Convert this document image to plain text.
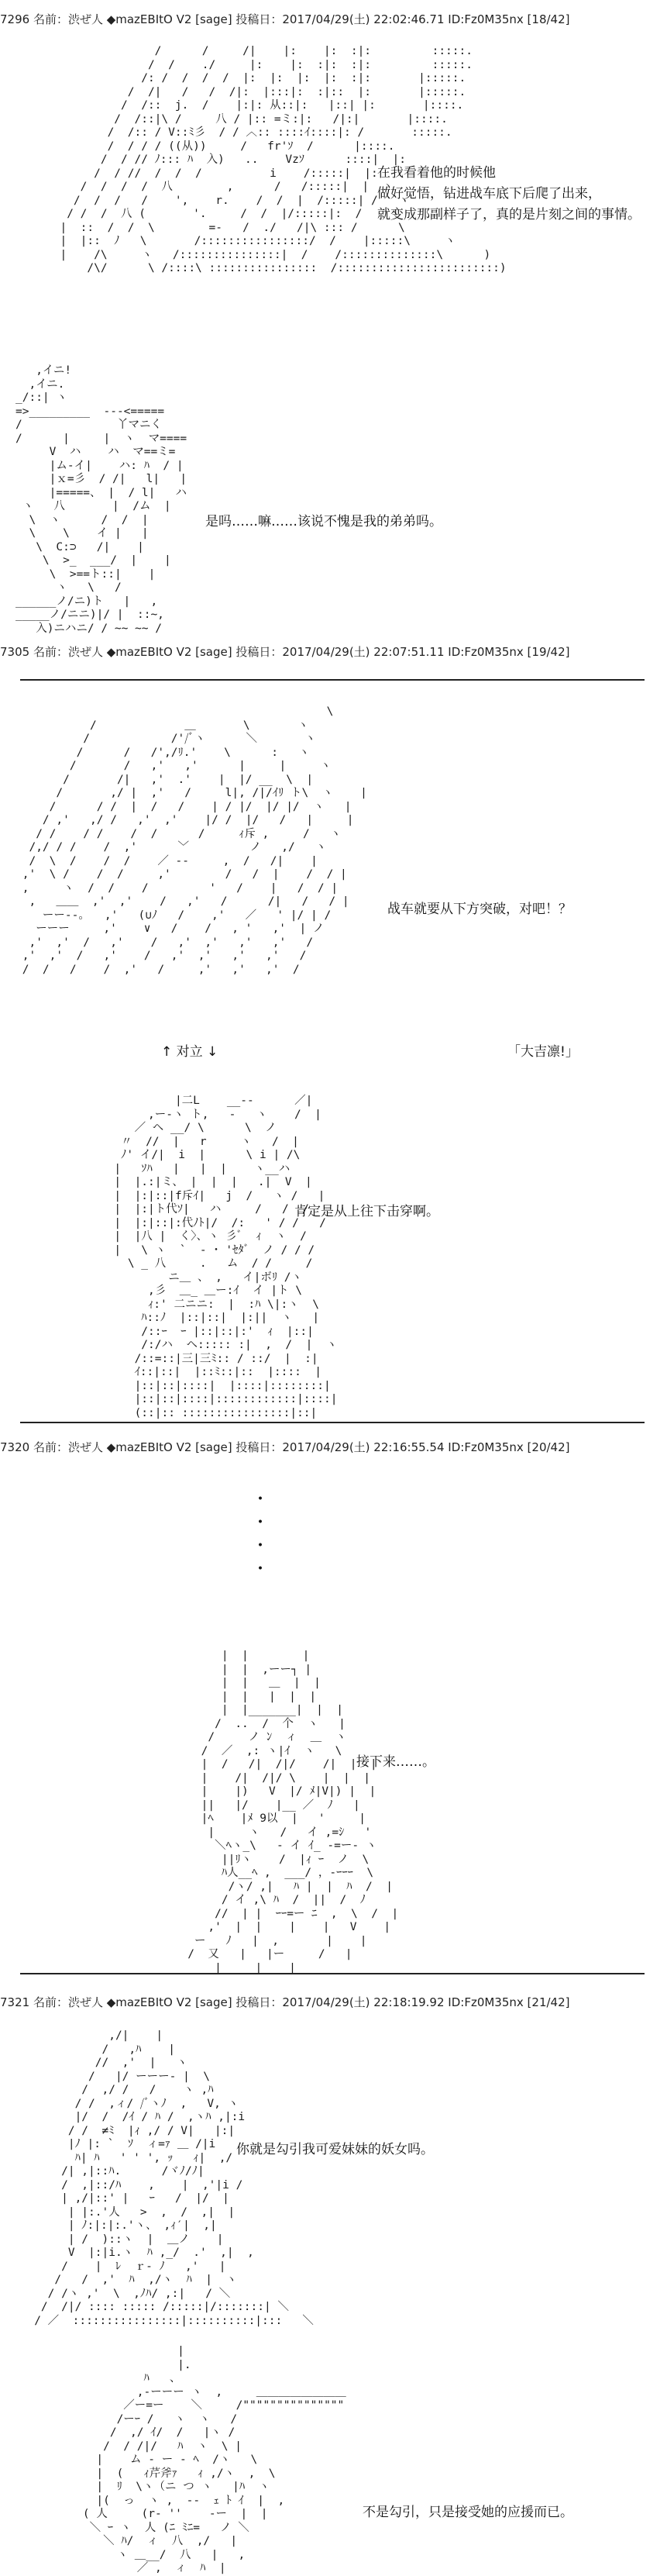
7296 名前：渋ぜ人 ◆mazEBItO V2 [sage] 投稿日：2017/04/29(土) 22:02:46.71 ID:Fz0M35nx [18/42]
/      /     /|    |:    |:  :|:         :::::.
/  /    ./     |:    |:  :|:  :|:         :::::.
/: /  /  /  /  |:  |:  |:  |:  :|:       |:::::.
/  /|   /   /  /|:  |:::|:  :|::  |:       |:::::.
/  /::  j.  /    |:|: 从::|:   |::| |:       |::::.
/  /::|\ /     八 / |:: =ミ:|:   /|:|       |::::.
/  /:: / V::ﾐ彡  / / ︿:: ::::ｲ::::|: /       :::::.
/  / / / ((从))     /   fr'ｿ  /      |::::.
/  / // ﾉ::: ﾊ  入)   ..    Vzｿ      ::::|  |:
/  / //  /  /  /          i    /:::::|  |:
/  /  /  /  八        ,      /   /:::::|  |  ヽ
/  /  /   /    ',    r.    /  /  |  /:::::| /   ヽ
/ /  /  八 (       '.     /  /  |/:::::|:  /    ヽ
|  ::  /  /  \        =-   /  ./   /|\ ::: /      \
|  |::  ﾉ   \       /::::::::::::::::/  /    |:::::\     ヽ
|    /\     ヽ   /:::::::::::::::|  /    /::::::::::::::\      )
/\/      \ /::::\ ::::::::::::::::  /::::::::::::::::::::::::)
在我看着他的时候他
做好觉悟，钻进战车底下后爬了出来，
就变成那副样子了，真的是片刻之间的事情。
,イニ!
,イニ.
_/::| ヽ
=>_________  ---<=====
/              丫マニく
/      |     |  ヽ  マ====
V  ハ    ハ  マ==ミ=
|ム-イ|    ハ: ﾊ  / |
|ｘ=彡  / /|   l|   |
|=====、 |  / l|   ハ
ヽ   八       |  /ム  |
\  ヽ      /  /  |
\    \    イ |   |
\  C:⊃   /|    |
\  >_  ___/  |    |
\  >==ト::|    |
ヽ   \   /
______ノ/ニ)ト   |   ,
_____ノ/ニニ)|/ |  ::~,
入)ニハニ/ / ~~ ~~ /
是吗……嘛……该说不愧是我的弟弟吗。
7305 名前：渋ぜ人 ◆mazEBItO V2 [sage] 投稿日：2017/04/29(土) 22:07:51.11 ID:Fz0M35nx [19/42]
\
/             ＿       \       ヽ
/            /'/ﾞヽ      ＼       ヽ
/      /   /',/ﾘ.'    \      :   ヽ
/       /   ,'   ,'      |     |     ヽ
/       /|   ,'  .'    |  |/ __  \  |
/       ,/ |  ,'   /     l|, /|/ｲﾘ ト\  ヽ    |
/      / /  |  /   /    | / |/  |/ |/  ヽ   |
/ ,'   ,/ /   ,'  ,'    |/ /  |/   /   |     |
/ /    / /    /  /      /     ｨ斥 ,     /   ヽ
/,/ / /    /  ,'      ﹀         ノ   ,/   ヽ
/  \  /    /  /    ／ ‐-     ,  /   /|    |
,'  \ /    /  /     ,'        /   /  |    /  / |
,     ヽ  /  /    /         '   /    |   /  / |
,   ＿＿  ,'  ,'    /   ,'   /      /|   /   / |
ーー--｡   ,'   (∪ﾉ   /    ,'   ／   ' |/ | /
ーーー     ,'    ∨   /    /   , '   ,'  | ノ
,'  ,'  /   ,'    /   ,'  ,'   ,'   ,'   /
,'  ,'  /   ,'    /   ,'  ,'   ,'   ,'   /
/  /   /    /  ,'   /     ,'   ,'   ,'  /
战车就要从下方突破，对吧！？
↑ 对立 ↓	「大吉凛!」
|二L    __--      ／|
,ー‐ヽ ト,   ‐   ヽ    /  |
／ ヘ __/ \      \  ノ
〃  //  |   r     ヽ   /  |
ﾉ' イ/|  i  |      \ i | /\
|   ｿﾊ   |   |  |    ヽ__ハ
|  |.:|ミ、 |  |  |   .|  V  |
|  |:|::|f斥ｲ|   j  /   ヽ /   |
|  |:|ト代ｿ|   ハ     /   /  /
|  |:|::|:代ﾉﾄ|/  /:   ' / /   /
|  |八 |  く〉、ヽ 彡ﾞ  ｨ  ヽ  /
|   \ ヽ  `  ‐ ･ 'ｾﾀﾞ  ノ / / /
\ _ 八     .   ム  / /     /
ニ＿ 、 ,   イ|ボﾘ /ヽ
,彡  ＿_ ＿ー:ｲ  イ |ト \
ｨ:' 二ニニ:  |  :ﾊ \|:ヽ  \
ﾊ::ﾉ  |::|::|  |:||  ヽ   |
/::ｰ  ｰ |::|::|:'  ｨ  |::|
/:/ハ  ヘ::::: :|  ,  /  |  ヽ
/::=::|三|三ﾐ:: / ::/  |  :|
ｲ::|::|  |::ﾐ::|::  |::::  |
|::|::|::::|  |::::|::::::::|
|::|::|::::|::::::::::::|::::|
(::|:: ::::::::::::::::|::|
肯定是从上往下击穿啊。
7320 名前：渋ぜ人 ◆mazEBItO V2 [sage] 投稿日：2017/04/29(土) 22:16:55.54 ID:Fz0M35nx [20/42]
・
・
・
・
|  |        |
|  |  ,ーー┐ |
|  |   ＿  |  |
|  |   |  |  |
|  |_______|  |  |
/  ..  /  个  ヽ   |
/     ノ ﾝ  ィ  ＿  ヽ
/  ／  ,: ヽ|ｲ  ヽ   \
|  /   /|  /|/    /|  |  |
|    /|  /|/ \    |  |  |
|    |)   V  |/ ﾒ|V|) |  |
||   |/    |__ ／  ﾉ   |
|ﾍ    |ﾒ 9以  |   '     |
|     ヽ   /   イ ,=ｼ   '
＼ﾍヽ_\   ‐ イ ｲ_ ‐=ー‐ ヽ
||ﾘヽ    /  |ｨ ｰ  ノ  \
ﾊ人__ﾍ ,  ___/ ，-ｰｰｰ  \
/ヽ/ ,|   ﾊ |  |  ﾊ  /  |
/ イ ,\ ﾊ  /  ||  /  ﾉ
//  | |  ｰｰ=ー ﾆ  ,  \  /  |
,'  |  |    |    |   V    |
ー   ﾉ   |  ,       |    |
/  又   |   |ー     /   |
|     |    |
接下来……。
7321 名前：渋ぜ人 ◆mazEBItO V2 [sage] 投稿日：2017/04/29(土) 22:18:19.92 ID:Fz0M35nx [21/42]
,/|    |
/   ,ﾊ    |
//  ,'  |   ヽ
/   |/ ーーー- |  \
/  ,/ /   /    ヽ ,ﾊ
/ /  ,ィ/ /ﾞヽﾉ  ,   V, ヽ
|/  /  /ｲ / ﾊ /  ,ヽﾊ ,|:i
/ /  ≠ﾐ  |ｨ ,/ / V|   |:|
|ﾉ |: `  ｿ  ィ=ｧ ＿ /|i
ﾊ| ﾊ   ' ' ', ｯ   ｨ|  ,/
/| ,|::ﾊ.      /ヾﾉ/ﾉ|
/  ,|::/ﾊ    ,    |  ,'|i /
| ,/|::' |   ｰ   /  |/  |
| |:.'人   >  ,  /  ,|  |
| ﾉ:|:|:.'ヽ、 ,ｨ′|  ,|
| /  )::ヽ  |  ＿ノ    |
V  |:|i.ヽ  ﾊ ,_/  .'  ,|  ,
/    |  ﾚ  ｒ- ﾉ   ,'   |
/   /  ,'  ﾊ  ,/ヽ  ﾊ  |  ヽ
/ /ヽ ,'  \  ,ﾉﾊ/ ,:|   / ＼
/  /|/ :::: ::::: /:::::|/:::::::| ＼
/ ／  ::::::::::::::::|::::::::::|:::   ＼
你就是勾引我可爱妹妹的妖女吗。
|
|.
ﾊ   、
,-ーーー ヽ  ,     ＿＿＿＿＿＿＿＿
／ー=ー    ＼     /"""""""""""""""
/ーｰ /   ヽ  ヽ   /
/  ,/ ｲ/  /   |ヽ /
/  / /|/   ﾊ  ヽ  \ |
|    ム ‐ ー ‐ ﾍ  /ヽ   \
|  (   ｨ芹斧ｧ   ｨ ,/ヽ  ,  \
|  ﾘ  \ヽ（ニ つ ヽ   |ﾊ  ヽ
|(  っ  ヽ ,  -‐  ｪ ﾄ ｲ  |  ,
( 人     (r‐ ''    ‐ー  |  |
＼ ｰ ヽ  人 (ﾆ ﾐﾆ=   ノ ＼
＼ ﾊ/  ィ  八  ,/   |
ヽ ＿__/  八   |   ,
／ ,  ィ  ﾊ  |
不是勾引，只是接受她的应援而已。
